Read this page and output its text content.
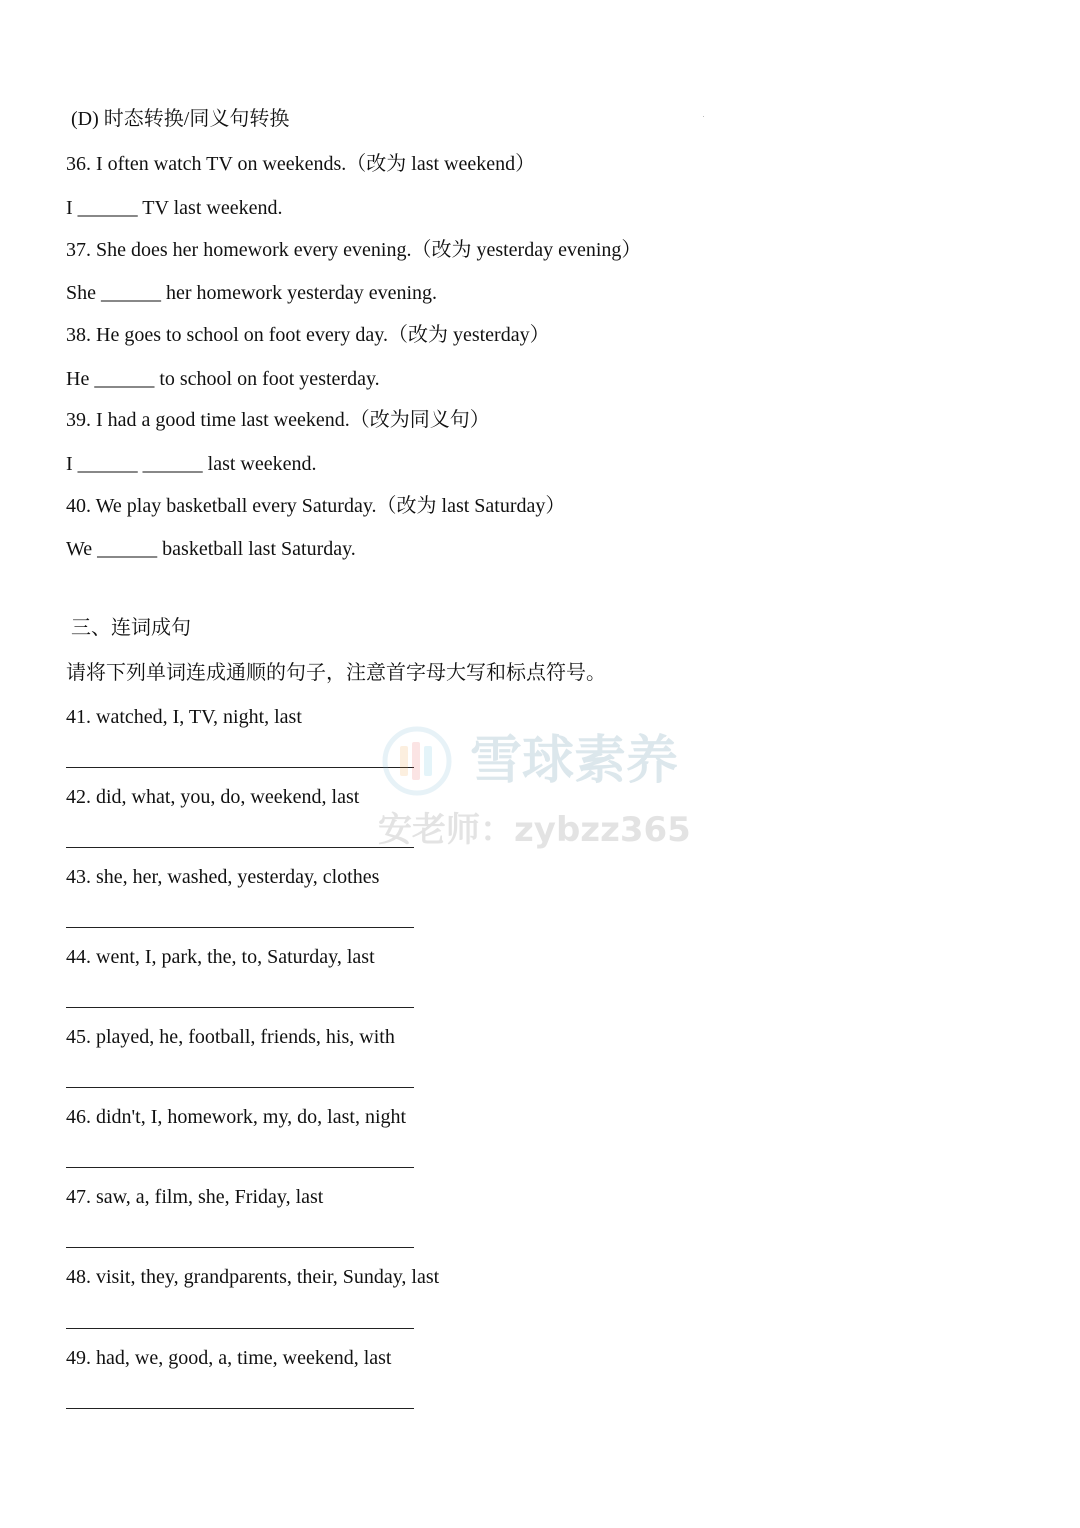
(D) 时态转换/同义句转换
36. I often watch TV on weekends.（改为 last weekend）
I ______ TV last weekend.
37. She does her homework every evening.（改为 yesterday evening）
She ______ her homework yesterday evening.
38. He goes to school on foot every day.（改为 yesterday）
He ______ to school on foot yesterday.
39. I had a good time last weekend.（改为同义句）
I ______ ______ last weekend.
40. We play basketball every Saturday.（改为 last Saturday）
We ______ basketball last Saturday.
三、连词成句
请将下列单词连成通顺的句子，注意首字母大写和标点符号。
41. watched, I, TV, night, last
42. did, what, you, do, weekend, last
43. she, her, washed, yesterday, clothes
44. went, I, park, the, to, Saturday, last
45. played, he, football, friends, his, with
46. didn't, I, homework, my, do, last, night
47. saw, a, film, she, Friday, last
48. visit, they, grandparents, their, Sunday, last
49. had, we, good, a, time, weekend, last
雪球素养
安老师：zybzz365
